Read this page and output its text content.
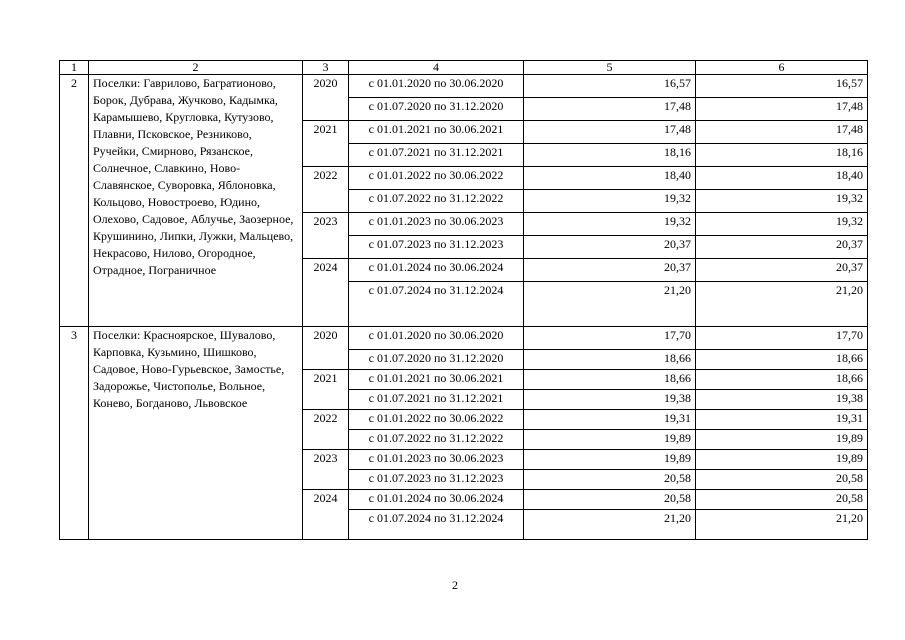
1	2	3	4	5	6
2	Поселки: Гаврилово, Багратионово, Борок, Дубрава, Жучково, Кадымка, Карамышево, Кругловка, Кутузово, Плавни, Псковское, Резниково, Ручейки, Смирново, Рязанское, Солнечное, Славкино, Ново-Славянское, Суворовка, Яблоновка, Кольцово, Новостроево, Юдино, Олехово, Садовое, Аблучье, Заозерное, Крушинино, Липки, Лужки, Мальцево, Некрасово, Нилово, Огородное, Отрадное, Пограничное	2020	с 01.01.2020 по 30.06.2020	16,57	16,57
			с 01.07.2020 по 31.12.2020	17,48	17,48
		2021	с 01.01.2021 по 30.06.2021	17,48	17,48
			с 01.07.2021 по 31.12.2021	18,16	18,16
		2022	с 01.01.2022 по 30.06.2022	18,40	18,40
			с 01.07.2022 по 31.12.2022	19,32	19,32
		2023	с 01.01.2023 по 30.06.2023	19,32	19,32
			с 01.07.2023 по 31.12.2023	20,37	20,37
		2024	с 01.01.2024 по 30.06.2024	20,37	20,37
			с 01.07.2024 по 31.12.2024	21,20	21,20
3	Поселки: Красноярское, Шувалово, Карповка, Кузьмино, Шишково, Садовое, Ново-Гурьевское, Замостье, Задорожье, Чистополье, Вольное, Конево, Богданово, Львовское	2020	с 01.01.2020 по 30.06.2020	17,70	17,70
			с 01.07.2020 по 31.12.2020	18,66	18,66
		2021	с 01.01.2021 по 30.06.2021	18,66	18,66
			с 01.07.2021 по 31.12.2021	19,38	19,38
		2022	с 01.01.2022 по 30.06.2022	19,31	19,31
			с 01.07.2022 по 31.12.2022	19,89	19,89
		2023	с 01.01.2023 по 30.06.2023	19,89	19,89
			с 01.07.2023 по 31.12.2023	20,58	20,58
		2024	с 01.01.2024 по 30.06.2024	20,58	20,58
			с 01.07.2024 по 31.12.2024	21,20	21,20
2
